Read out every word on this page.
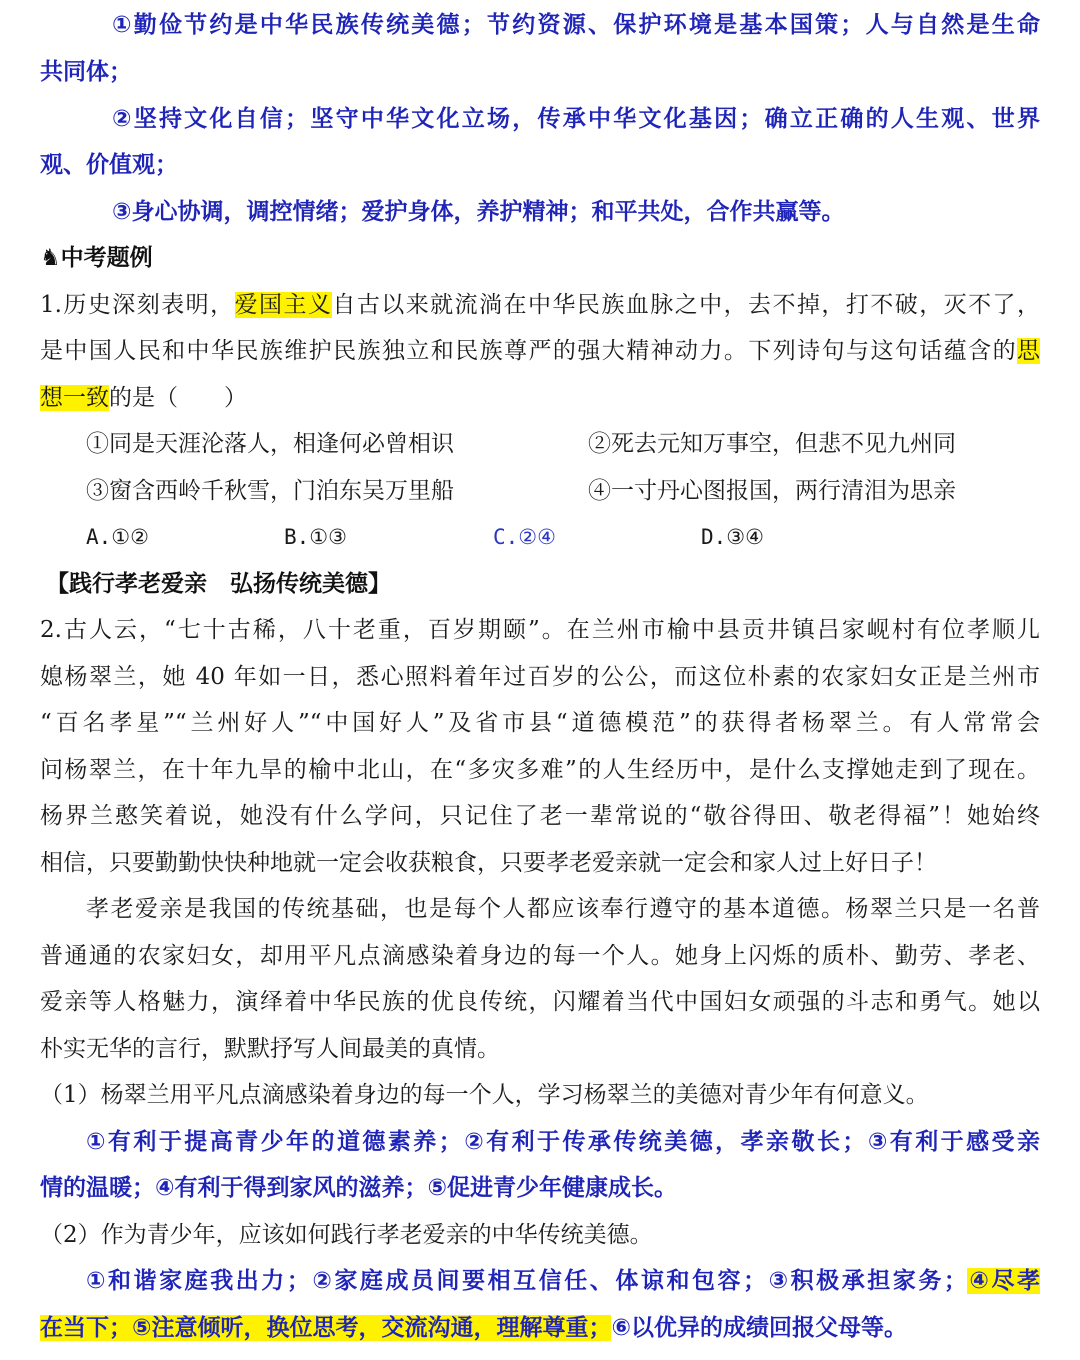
①勤俭节约是中华民族传统美德；节约资源、保护环境是基本国策；人与自然是生命
共同体；
②坚持文化自信；坚守中华文化立场，传承中华文化基因；确立正确的人生观、世界
观、价值观；
③身心协调，调控情绪；爱护身体，养护精神；和平共处，合作共赢等。
♞中考题例
1.历史深刻表明，爱国主义自古以来就流淌在中华民族血脉之中，去不掉，打不破，灭不了，
是中国人民和中华民族维护民族独立和民族尊严的强大精神动力。下列诗句与这句话蕴含的思
想一致的是（　　）
①同是天涯沦落人，相逢何必曾相识	②死去元知万事空，但悲不见九州同
③窗含西岭千秋雪，门泊东吴万里船	④一寸丹心图报国，两行清泪为思亲
A.①②	B.①③	C.②④	D.③④
【践行孝老爱亲　弘扬传统美德】
2.古人云，“七十古稀，八十老重，百岁期颐”。在兰州市榆中县贡井镇吕家岘村有位孝顺儿
媳杨翠兰，她 40 年如一日，悉心照料着年过百岁的公公，而这位朴素的农家妇女正是兰州市
“百名孝星”“兰州好人”“中国好人”及省市县“道德模范”的获得者杨翠兰。有人常常会
问杨翠兰，在十年九旱的榆中北山，在“多灾多难”的人生经历中，是什么支撑她走到了现在。
杨界兰憨笑着说，她没有什么学问，只记住了老一辈常说的“敬谷得田、敬老得福”！她始终
相信，只要勤勤快快种地就一定会收获粮食，只要孝老爱亲就一定会和家人过上好日子！
孝老爱亲是我国的传统基础，也是每个人都应该奉行遵守的基本道德。杨翠兰只是一名普
普通通的农家妇女，却用平凡点滴感染着身边的每一个人。她身上闪烁的质朴、勤劳、孝老、
爱亲等人格魅力，演绎着中华民族的优良传统，闪耀着当代中国妇女顽强的斗志和勇气。她以
朴实无华的言行，默默抒写人间最美的真情。
（1）杨翠兰用平凡点滴感染着身边的每一个人，学习杨翠兰的美德对青少年有何意义。
①有利于提高青少年的道德素养；②有利于传承传统美德，孝亲敬长；③有利于感受亲
情的温暖；④有利于得到家风的滋养；⑤促进青少年健康成长。
（2）作为青少年，应该如何践行孝老爱亲的中华传统美德。
①和谐家庭我出力；②家庭成员间要相互信任、体谅和包容；③积极承担家务；④尽孝
在当下；⑤注意倾听，换位思考，交流沟通，理解尊重；⑥以优异的成绩回报父母等。
